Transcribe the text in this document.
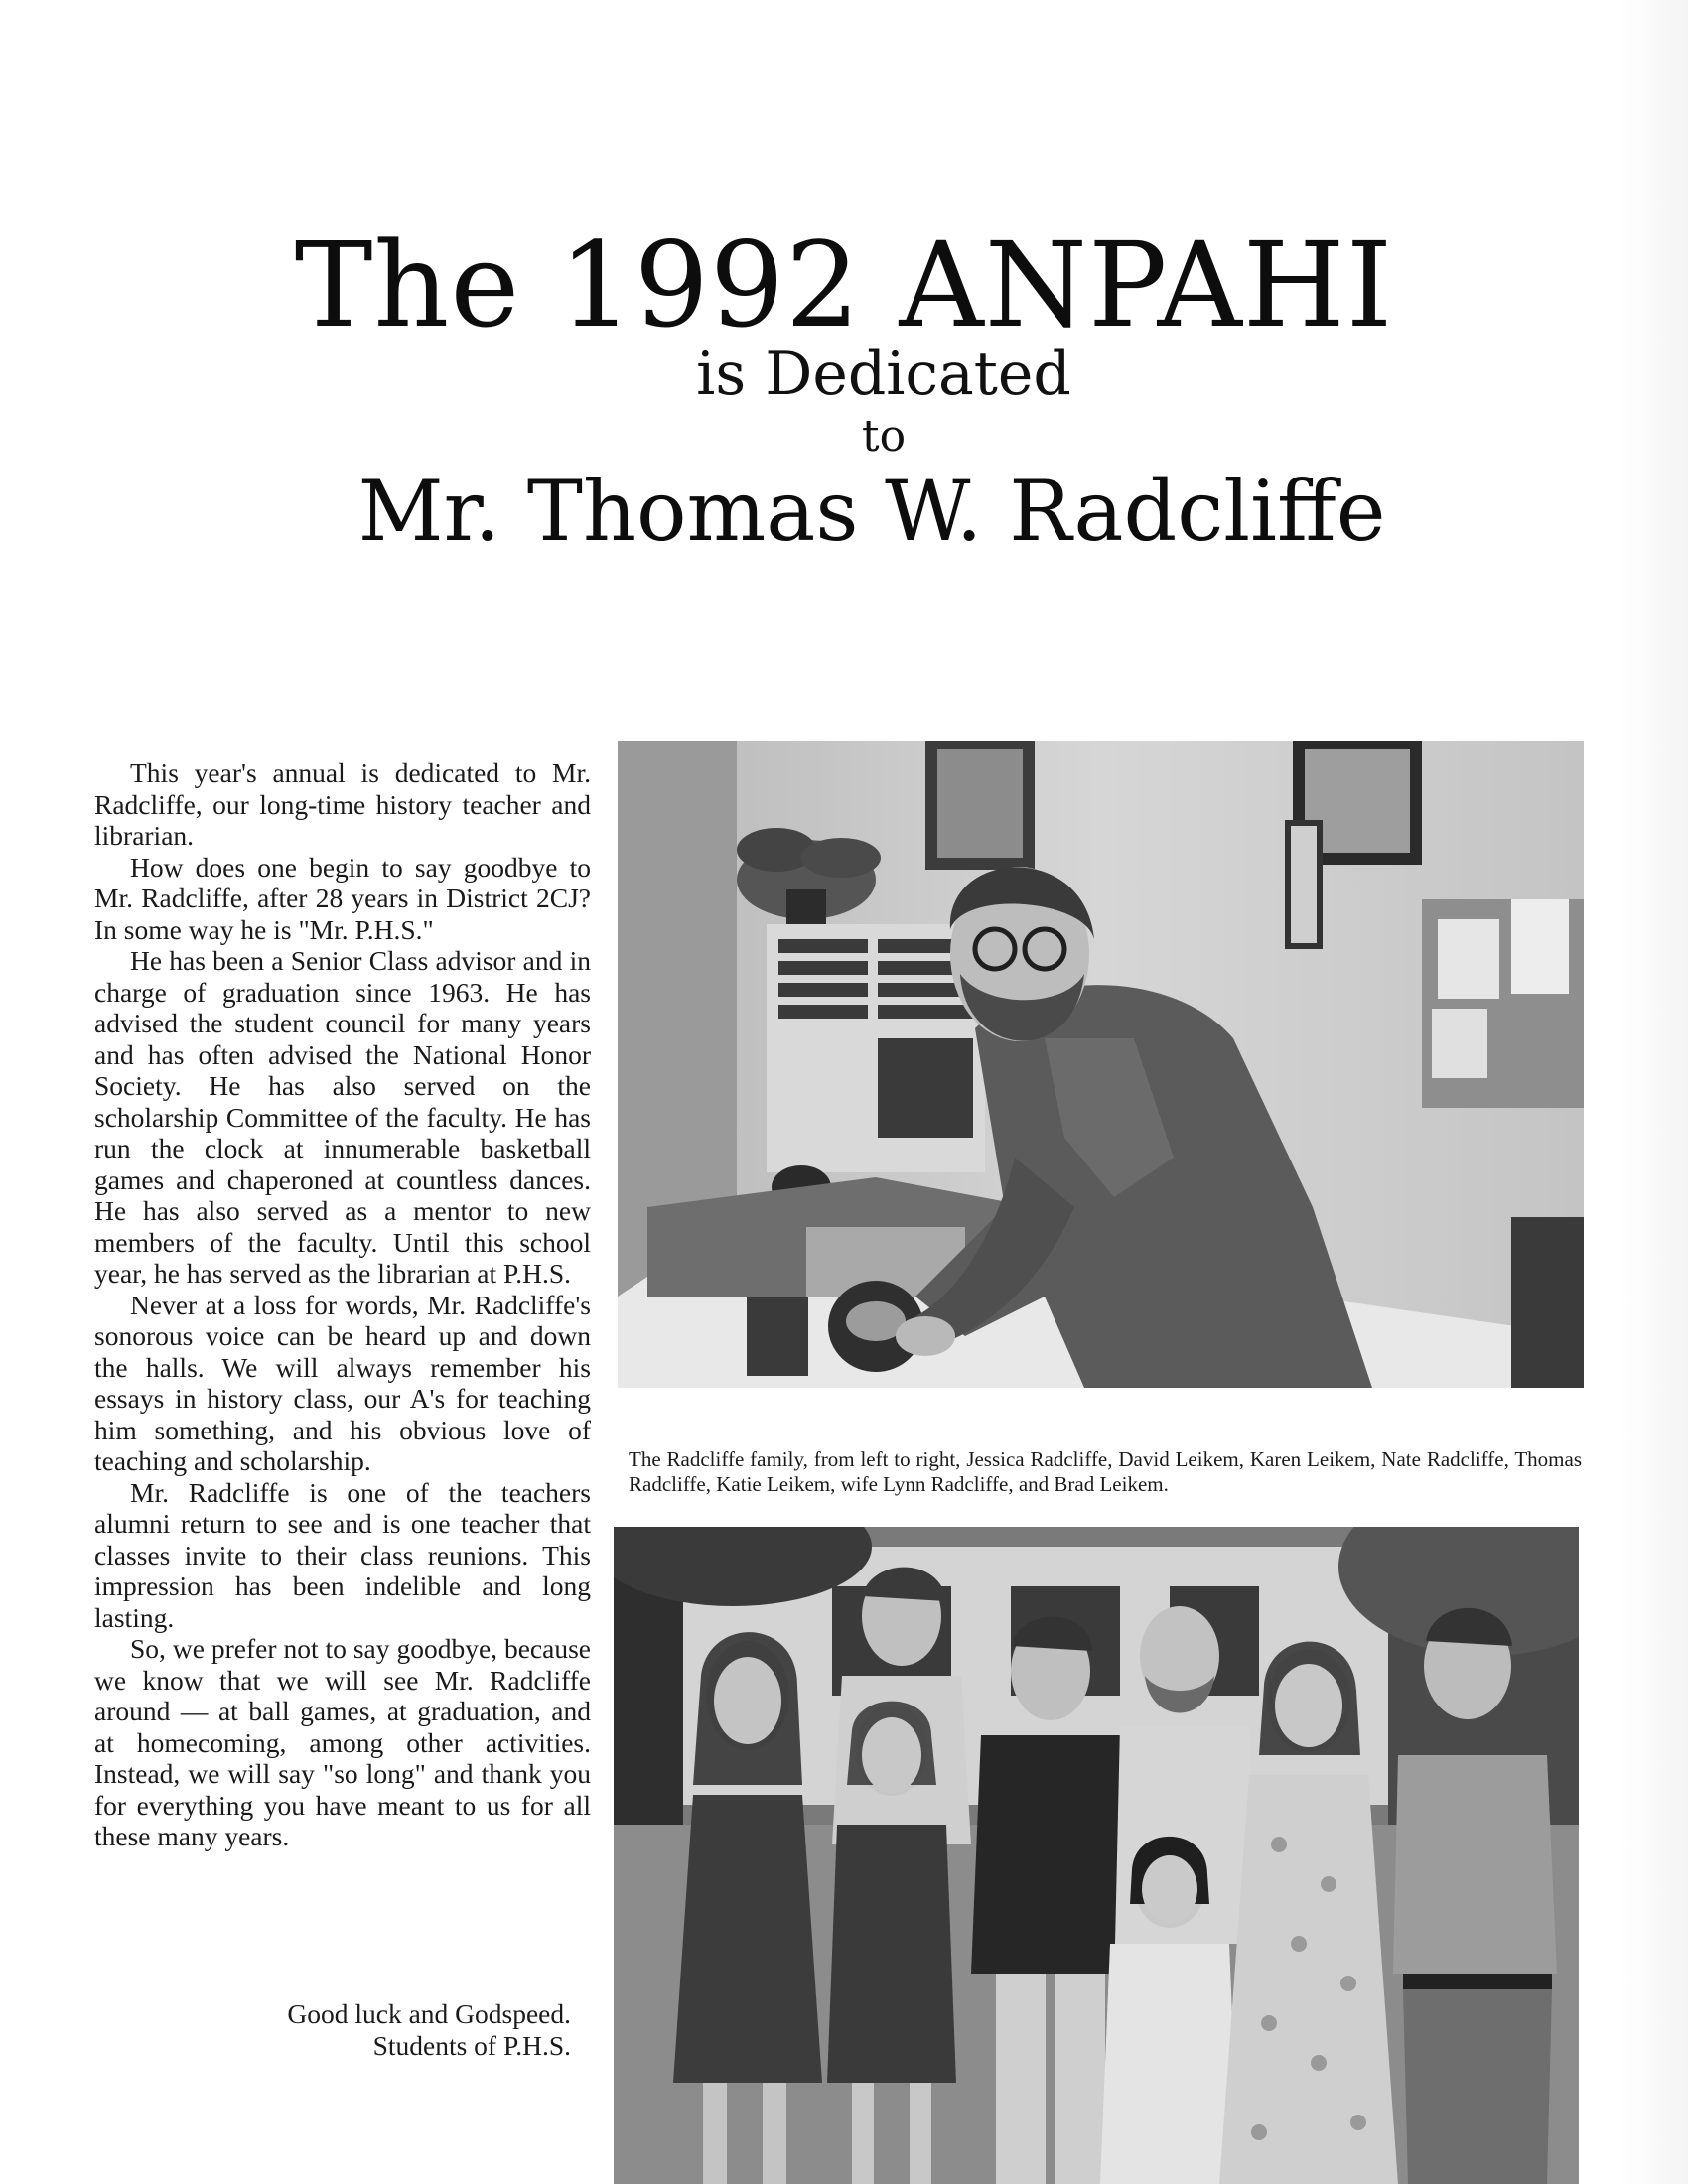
The 1992 ANPAHI
is Dedicated
to
Mr. Thomas W. Radcliffe

This year's annual is dedicated to Mr. Radcliffe, our long-time history teacher and librarian.

How does one begin to say goodbye to Mr. Radcliffe, after 28 years in District 2CJ? In some way he is "Mr. P.H.S."

He has been a Senior Class advisor and in charge of graduation since 1963. He has advised the student council for many years and has often advised the National Honor Society. He has also served on the scholarship Committee of the faculty. He has run the clock at innumerable basketball games and chaperoned at countless dances. He has also served as a mentor to new members of the faculty. Until this school year, he has served as the librarian at P.H.S.

Never at a loss for words, Mr. Radcliffe's sonorous voice can be heard up and down the halls. We will always remember his essays in history class, our A's for teaching him something, and his obvious love of teaching and scholarship.

Mr. Radcliffe is one of the teachers alumni return to see and is one teacher that classes invite to their class reunions. This impression has been indelible and long lasting.

So, we prefer not to say goodbye, because we know that we will see Mr. Radcliffe around — at ball games, at graduation, and at homecoming, among other activities. Instead, we will say "so long" and thank you for everything you have meant to us for all these many years.

Good luck and Godspeed.
Students of P.H.S.
The Radcliffe family, from left to right, Jessica Radcliffe, David Leikem, Karen Leikem, Nate Radcliffe, Thomas Radcliffe, Katie Leikem, wife Lynn Radcliffe, and Brad Leikem.
